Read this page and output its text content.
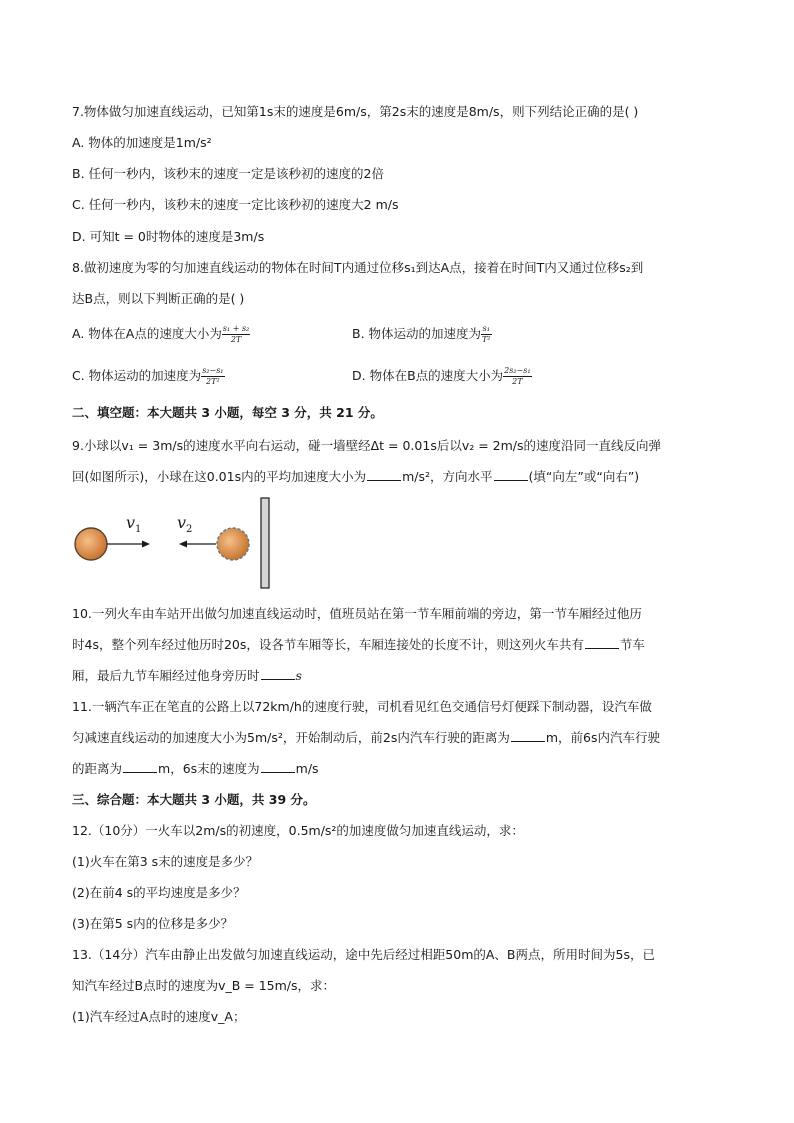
7.物体做匀加速直线运动，已知第1s末的速度是6m/s，第2s末的速度是8m/s，则下列结论正确的是( )
A. 物体的加速度是1m/s²
B. 任何一秒内，该秒末的速度一定是该秒初的速度的2倍
C. 任何一秒内，该秒末的速度一定比该秒初的速度大2 m/s
D. 可知t = 0时物体的速度是3m/s
8.做初速度为零的匀加速直线运动的物体在时间T内通过位移s₁到达A点，接着在时间T内又通过位移s₂到
达B点，则以下判断正确的是( )
A. 物体在A点的速度大小为 $\frac{\text{s₁ + s₂}}{2T}$	B. 物体运动的加速度为 $\frac{\text{s₁}}{\text{T²}}$
C. 物体运动的加速度为 $\frac{\text{s₂−s₁}}{\text{2T²}}$	D. 物体在B点的速度大小为 $\frac{\text{2s₂−s₁}}{2T}$
二、填空题：本大题共 3 小题，每空 3 分，共 21 分。
9.小球以v₁ = 3m/s的速度水平向右运动，碰一墙壁经Δt = 0.01s后以v₂ = 2m/s的速度沿同一直线反向弹
回(如图所示)，小球在这0.01s内的平均加速度大小为	m/s²，方向水平	(填“向左”或“向右”)
$v_1$ $v_2$
10.一列火车由车站开出做匀加速直线运动时，值班员站在第一节车厢前端的旁边，第一节车厢经过他历
时4s，整个列车经过他历时20s，设各节车厢等长，车厢连接处的长度不计，则这列火车共有	节车
厢，最后九节车厢经过他身旁历时	s
11.一辆汽车正在笔直的公路上以72km/h的速度行驶，司机看见红色交通信号灯便踩下制动器，设汽车做
匀减速直线运动的加速度大小为5m/s²，开始制动后，前2s内汽车行驶的距离为	m，前6s内汽车行驶
的距离为	m，6s末的速度为	m/s
三、综合题：本大题共 3 小题，共 39 分。
12.（10分）一火车以2m/s的初速度，0.5m/s²的加速度做匀加速直线运动，求：
(1)火车在第3 s末的速度是多少？
(2)在前4 s的平均速度是多少？
(3)在第5 s内的位移是多少？
13.（14分）汽车由静止出发做匀加速直线运动，途中先后经过相距50m的A、B两点，所用时间为5s，已
知汽车经过B点时的速度为v_B = 15m/s，求：
(1)汽车经过A点时的速度v_A；
